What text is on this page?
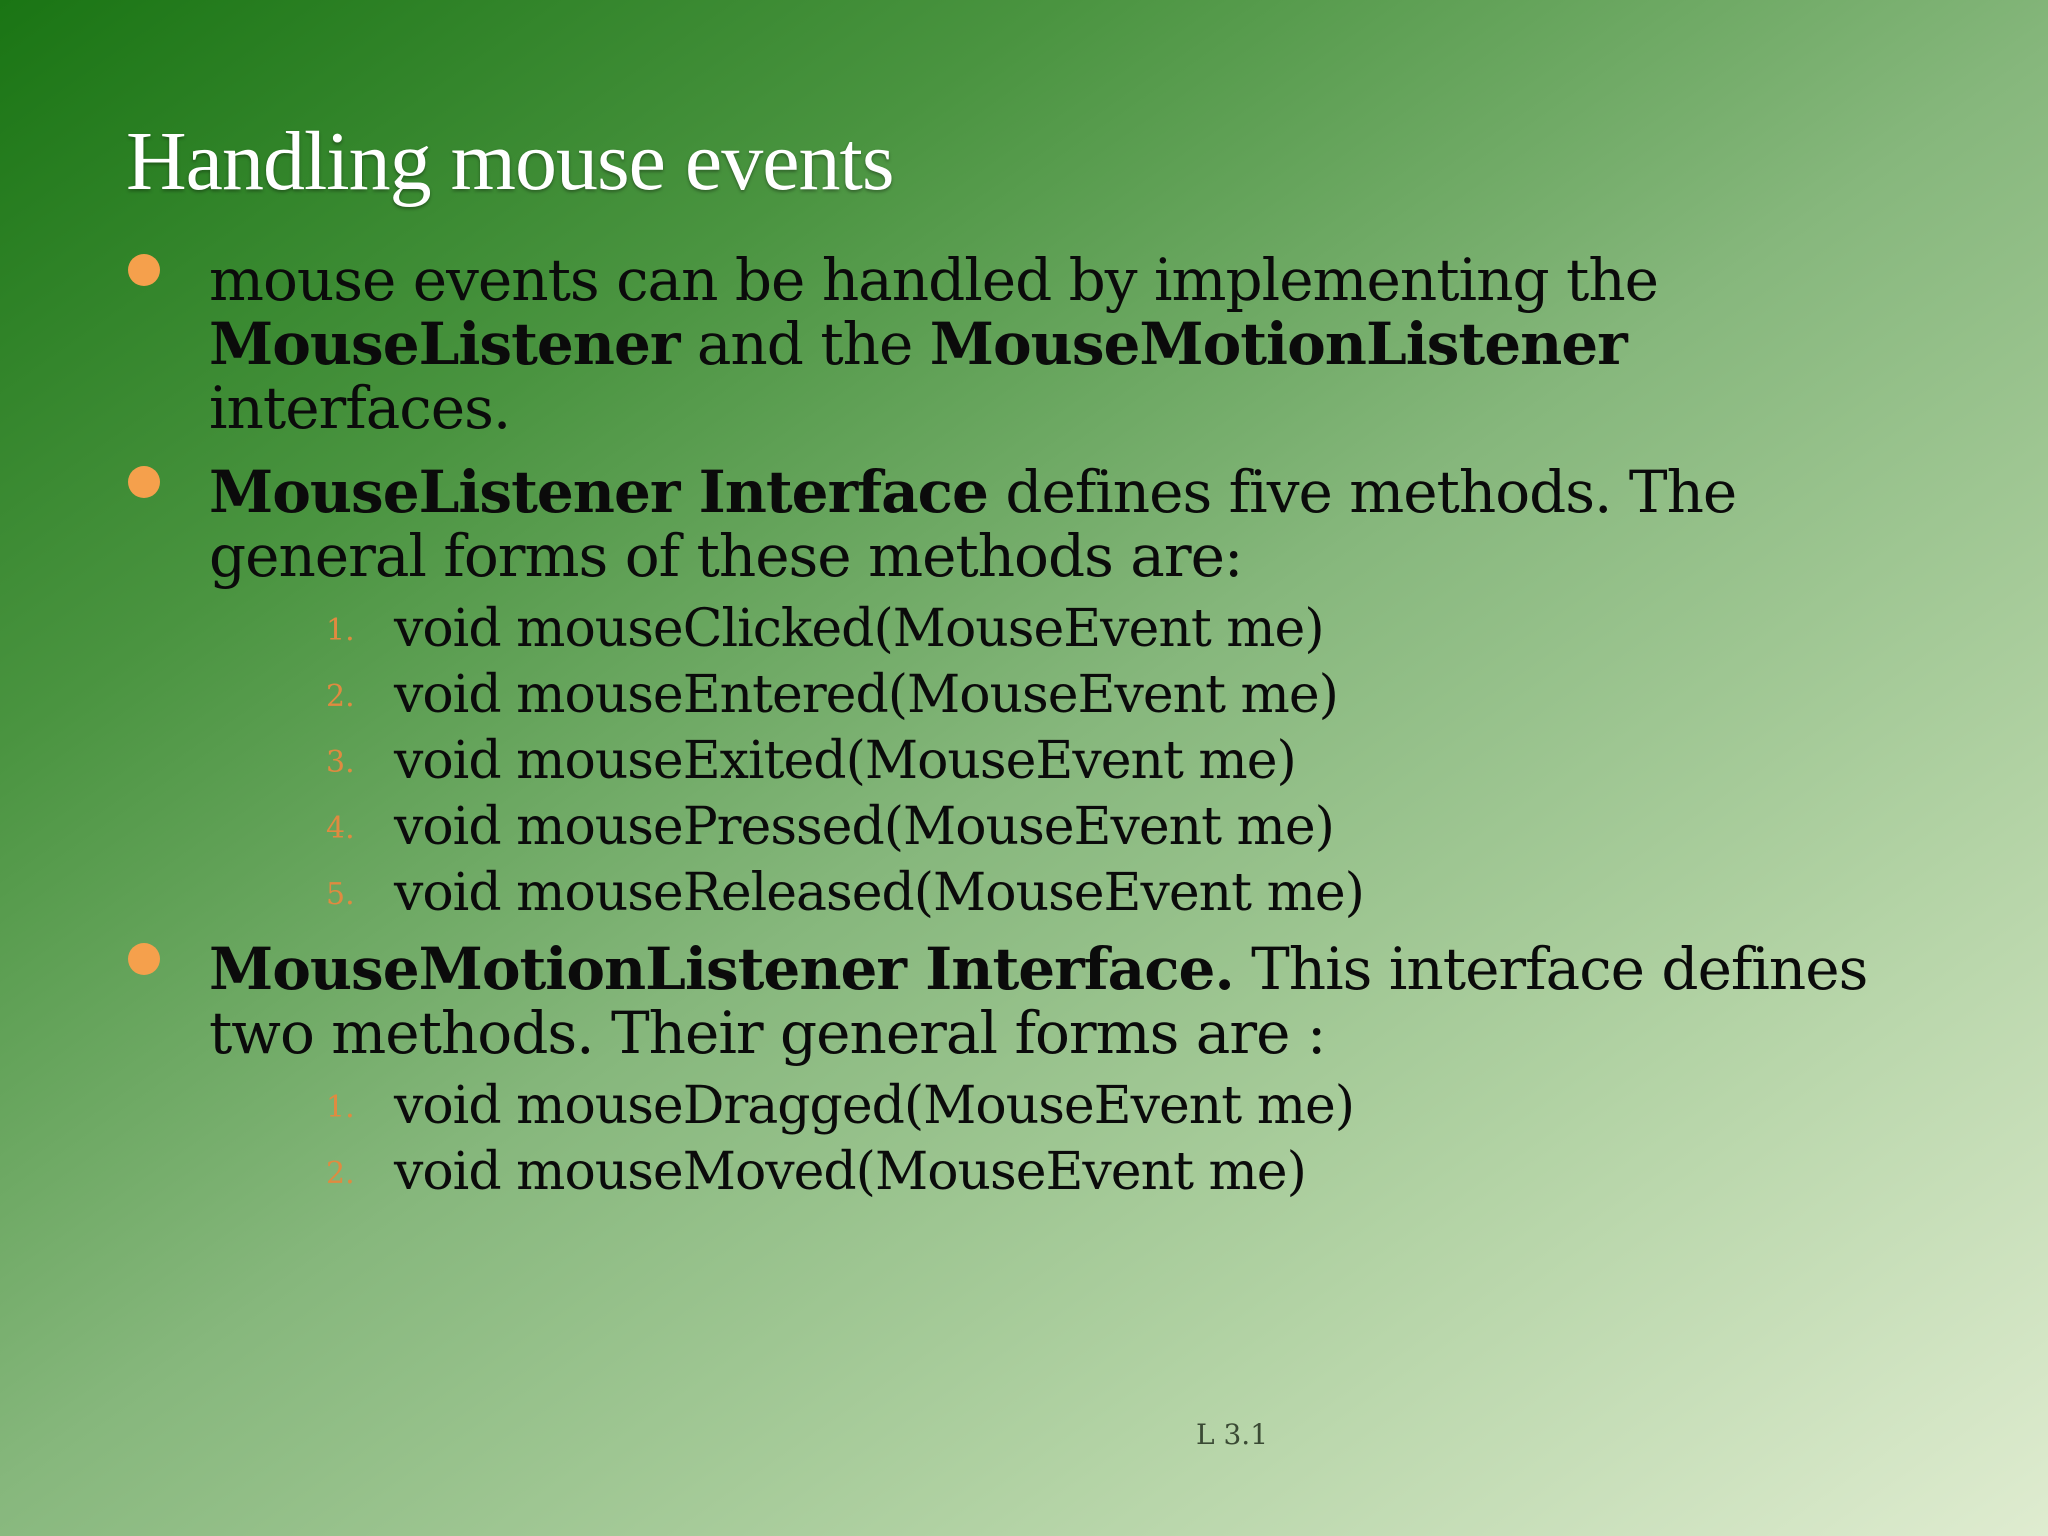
Handling mouse events
mouse events can be handled by implementing the
MouseListener and the MouseMotionListener
interfaces.
MouseListener Interface defines five methods. The
general forms of these methods are:
1. void mouseClicked(MouseEvent me)
2. void mouseEntered(MouseEvent me)
3. void mouseExited(MouseEvent me)
4. void mousePressed(MouseEvent me)
5. void mouseReleased(MouseEvent me)
MouseMotionListener Interface. This interface defines
two methods. Their general forms are :
1. void mouseDragged(MouseEvent me)
2. void mouseMoved(MouseEvent me)
L 3.1
